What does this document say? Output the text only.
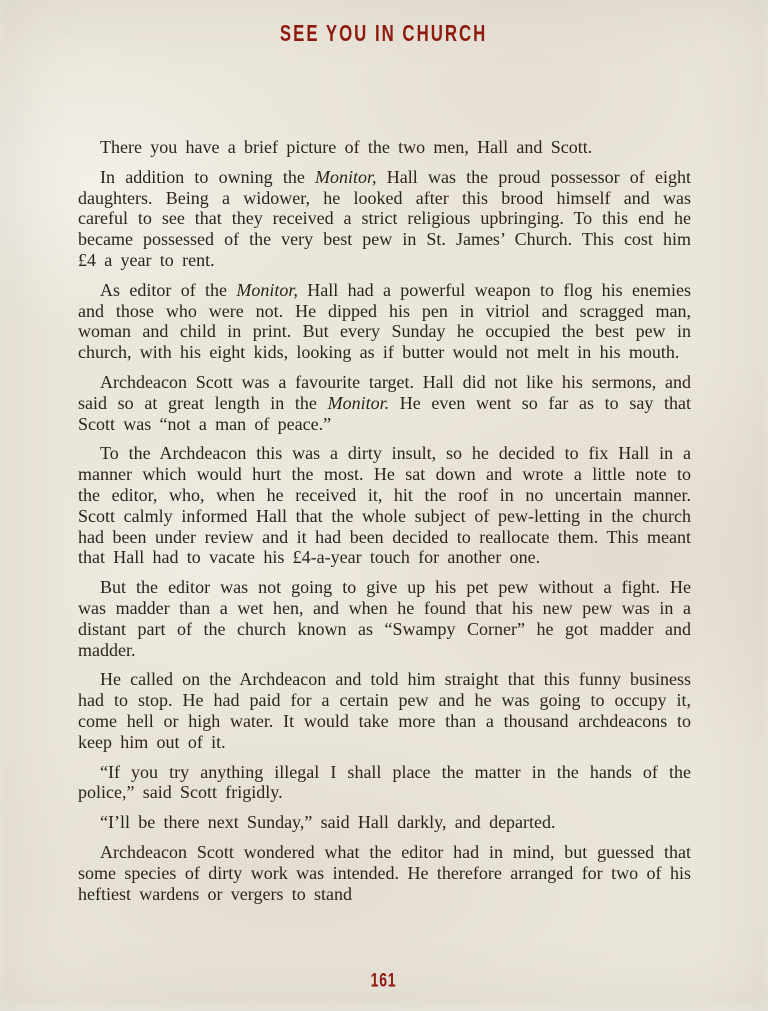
SEE YOU IN CHURCH

There you have a brief picture of the two men, Hall and Scott.

In addition to owning the Monitor, Hall was the proud possessor of eight daughters. Being a widower, he looked after this brood himself and was careful to see that they received a strict religious upbringing. To this end he became possessed of the very best pew in St. James’ Church. This cost him £4 a year to rent.

As editor of the Monitor, Hall had a powerful weapon to flog his enemies and those who were not. He dipped his pen in vitriol and scragged man, woman and child in print. But every Sunday he occupied the best pew in church, with his eight kids, looking as if butter would not melt in his mouth.

Archdeacon Scott was a favourite target. Hall did not like his sermons, and said so at great length in the Monitor. He even went so far as to say that Scott was “not a man of peace.”

To the Archdeacon this was a dirty insult, so he decided to fix Hall in a manner which would hurt the most. He sat down and wrote a little note to the editor, who, when he received it, hit the roof in no uncertain manner. Scott calmly informed Hall that the whole subject of pew-letting in the church had been under review and it had been decided to reallocate them. This meant that Hall had to vacate his £4-a-year touch for another one.

But the editor was not going to give up his pet pew without a fight. He was madder than a wet hen, and when he found that his new pew was in a distant part of the church known as “Swampy Corner” he got madder and madder.

He called on the Archdeacon and told him straight that this funny business had to stop. He had paid for a certain pew and he was going to occupy it, come hell or high water. It would take more than a thousand archdeacons to keep him out of it.

“If you try anything illegal I shall place the matter in the hands of the police,” said Scott frigidly.

“I’ll be there next Sunday,” said Hall darkly, and departed.

Archdeacon Scott wondered what the editor had in mind, but guessed that some species of dirty work was intended. He therefore arranged for two of his heftiest wardens or vergers to stand

161
